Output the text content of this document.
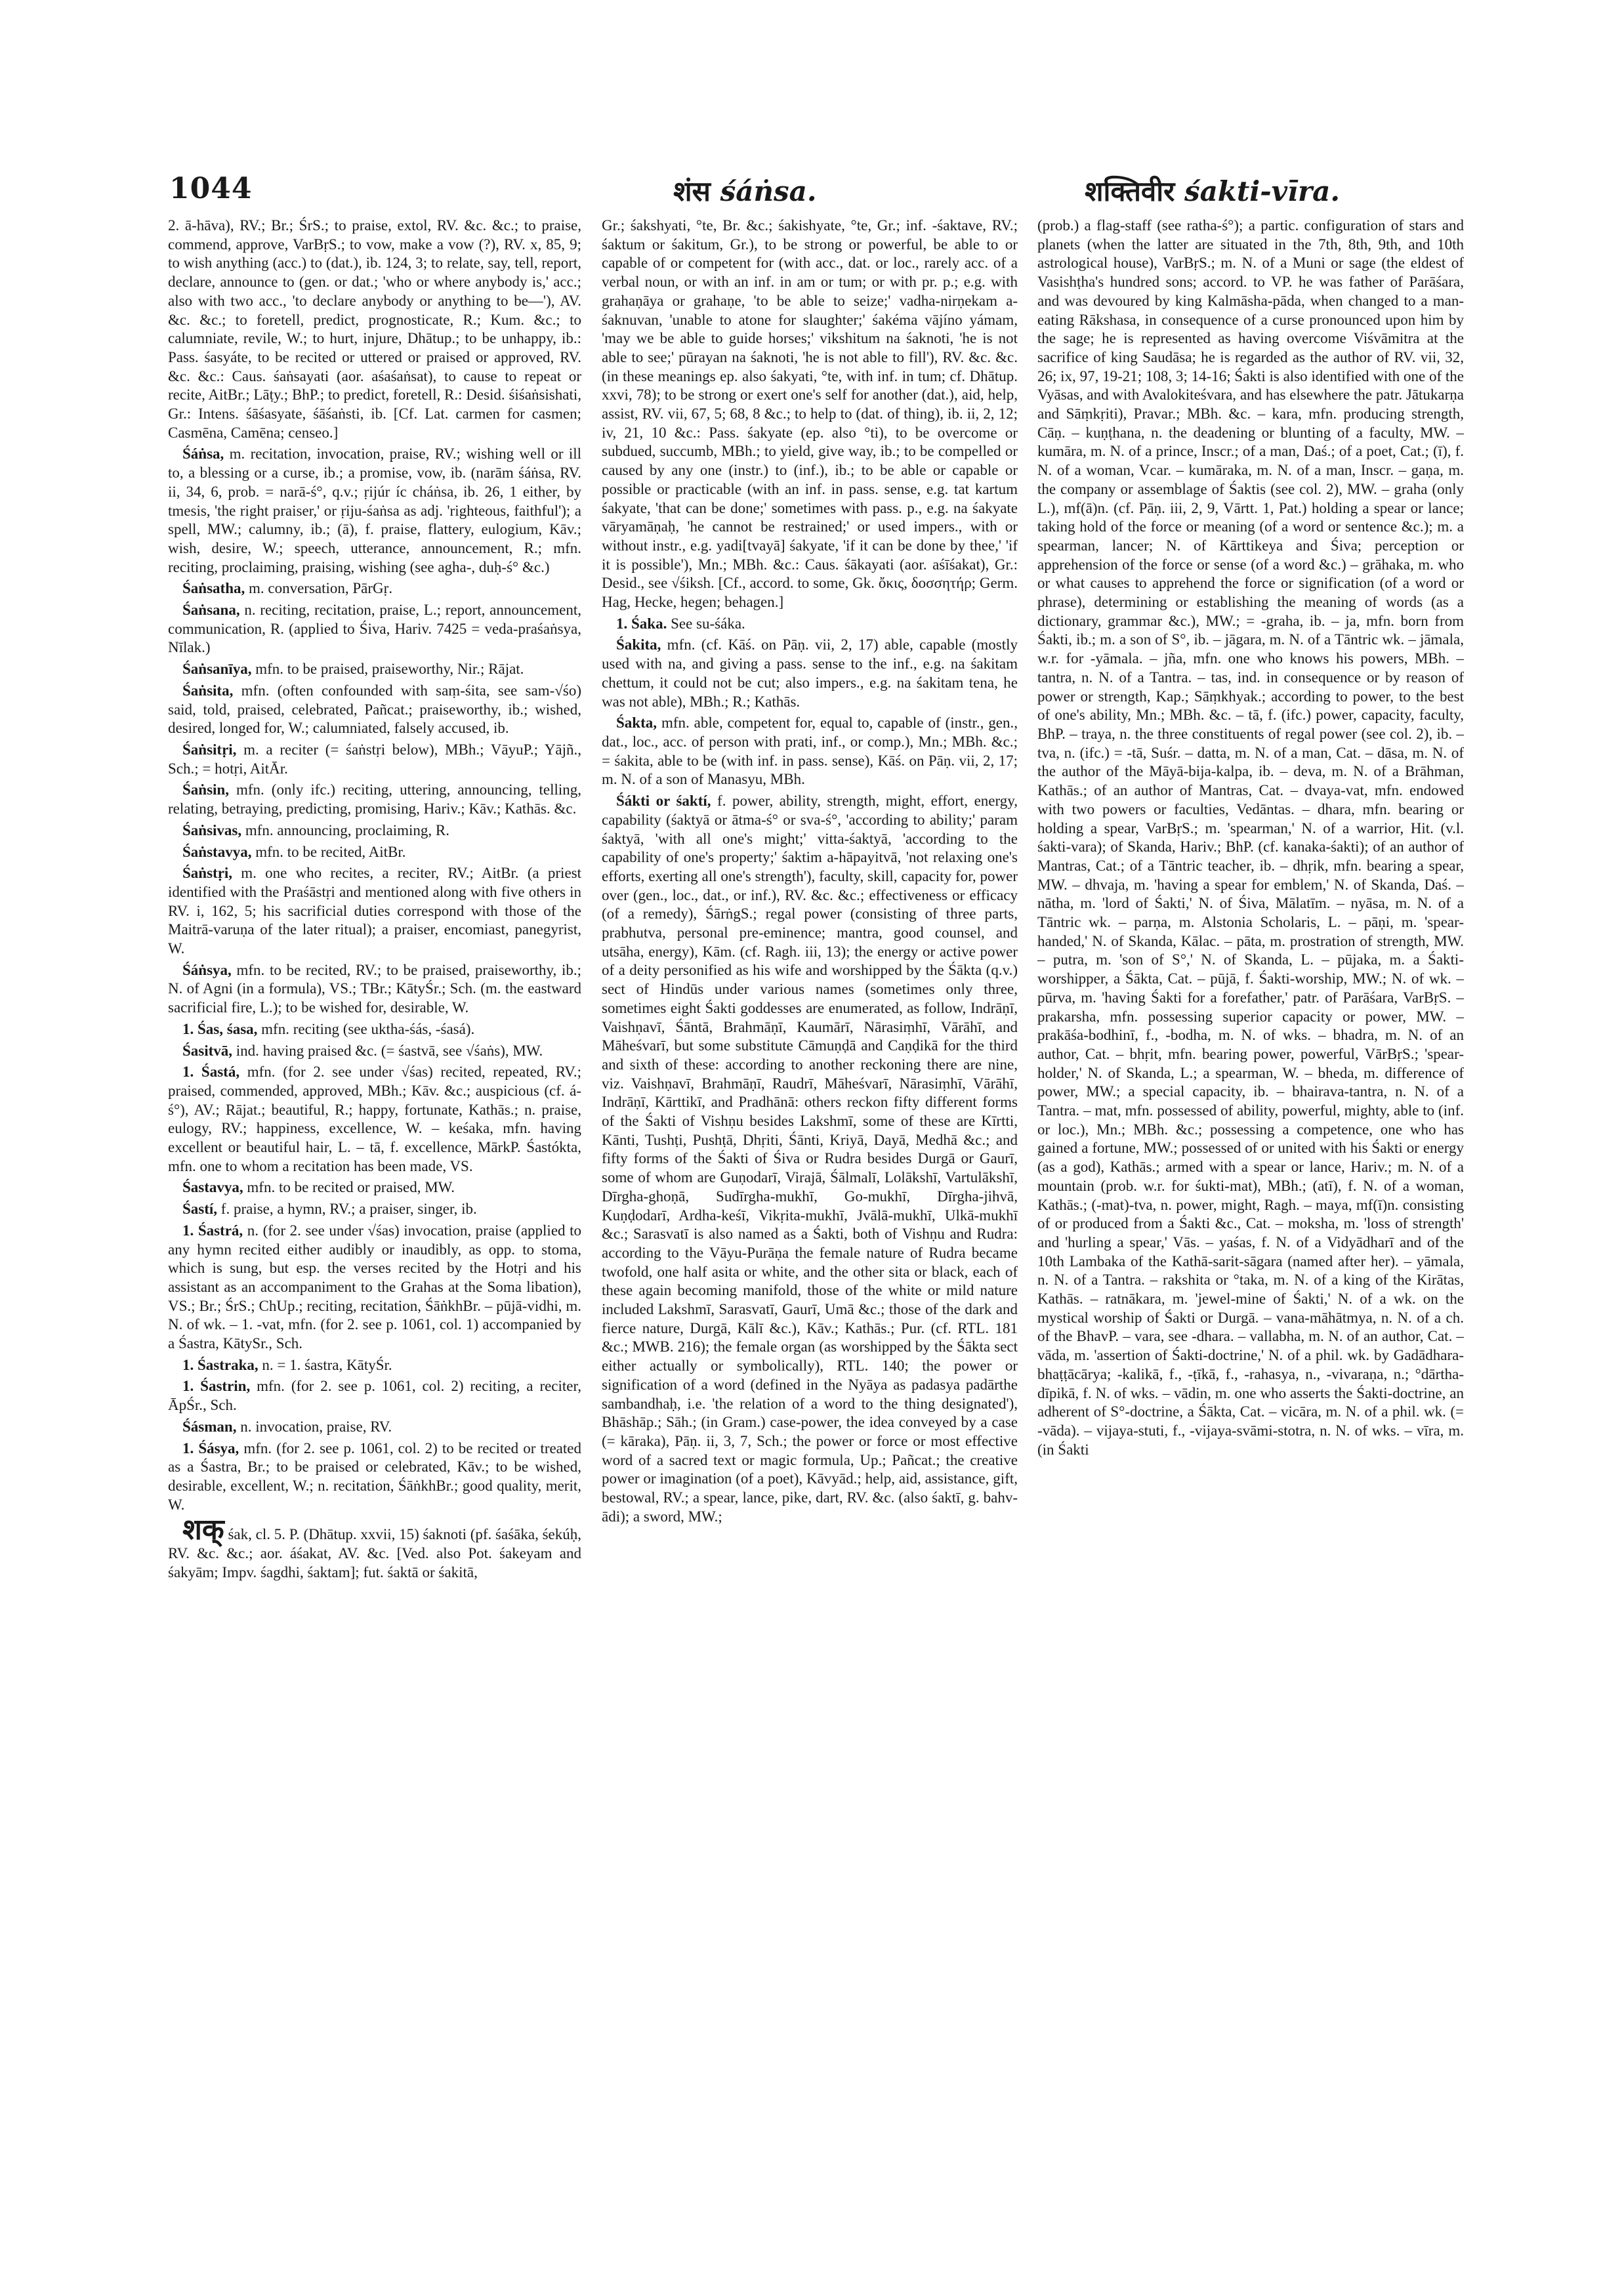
1044	शंस śáṅsa.	शक्तिवीर śakti-vīra.

2. ā-hāva), RV.; Br.; ŚrS.; to praise, extol, RV. &c. &c.; to praise, commend, approve, VarBṛS.; to vow, make a vow (?), RV. x, 85, 9; to wish anything (acc.) to (dat.), ib. 124, 3; to relate, say, tell, report, declare, announce to (gen. or dat.; 'who or where anybody is,' acc.; also with two acc., 'to declare anybody or anything to be—'), AV. &c. &c.; to foretell, predict, prognosticate, R.; Kum. &c.; to calumniate, revile, W.; to hurt, injure, Dhātup.; to be unhappy, ib.: Pass. śasyáte, to be recited or uttered or praised or approved, RV. &c. &c.: Caus. śaṅsayati (aor. aśaśaṅsat), to cause to repeat or recite, AitBr.; Lāṭy.; BhP.; to predict, foretell, R.: Desid. śiśaṅsishati, Gr.: Intens. śāśasyate, śāśaṅsti, ib. [Cf. Lat. carmen for casmen; Casmēna, Camēna; censeo.]

Śáṅsa, m. recitation, invocation, praise, RV.; wishing well or ill to, a blessing or a curse, ib.; a promise, vow, ib. (narām śáṅsa, RV. ii, 34, 6, prob. = narā-ś°, q.v.; ṛijúr íc cháṅsa, ib. 26, 1 either, by tmesis, 'the right praiser,' or ṛiju-śaṅsa as adj. 'righteous, faithful'); a spell, MW.; calumny, ib.; (ā), f. praise, flattery, eulogium, Kāv.; wish, desire, W.; speech, utterance, announcement, R.; mfn. reciting, proclaiming, praising, wishing (see agha-, duḥ-ś° &c.)

Śaṅsatha, m. conversation, PārGṛ.

Śaṅsana, n. reciting, recitation, praise, L.; report, announcement, communication, R. (applied to Śiva, Hariv. 7425 = veda-praśaṅsya, Nīlak.)

Śaṅsanīya, mfn. to be praised, praiseworthy, Nir.; Rājat.

Śaṅsita, mfn. (often confounded with saṃ-śita, see sam-√śo) said, told, praised, celebrated, Pañcat.; praiseworthy, ib.; wished, desired, longed for, W.; calumniated, falsely accused, ib.

Śaṅsitṛi, m. a reciter (= śaṅstṛi below), MBh.; VāyuP.; Yājñ., Sch.; = hotṛi, AitĀr.

Śaṅsin, mfn. (only ifc.) reciting, uttering, announcing, telling, relating, betraying, predicting, promising, Hariv.; Kāv.; Kathās. &c.

Śaṅsivas, mfn. announcing, proclaiming, R.

Śaṅstavya, mfn. to be recited, AitBr.

Śaṅstṛi, m. one who recites, a reciter, RV.; AitBr. (a priest identified with the Praśāstṛi and mentioned along with five others in RV. i, 162, 5; his sacrificial duties correspond with those of the Maitrā-varuṇa of the later ritual); a praiser, encomiast, panegyrist, W.

Śáṅsya, mfn. to be recited, RV.; to be praised, praiseworthy, ib.; N. of Agni (in a formula), VS.; TBr.; KātyŚr.; Sch. (m. the eastward sacrificial fire, L.); to be wished for, desirable, W.

1. Śas, śasa, mfn. reciting (see uktha-śás, -śasá).

Śasitvā, ind. having praised &c. (= śastvā, see √śaṅs), MW.

1. Śastá, mfn. (for 2. see under √śas) recited, repeated, RV.; praised, commended, approved, MBh.; Kāv. &c.; auspicious (cf. á-ś°), AV.; Rājat.; beautiful, R.; happy, fortunate, Kathās.; n. praise, eulogy, RV.; happiness, excellence, W. – keśaka, mfn. having excellent or beautiful hair, L. – tā, f. excellence, MārkP. Śastókta, mfn. one to whom a recitation has been made, VS.

Śastavya, mfn. to be recited or praised, MW.

Śastí, f. praise, a hymn, RV.; a praiser, singer, ib.

1. Śastrá, n. (for 2. see under √śas) invocation, praise (applied to any hymn recited either audibly or inaudibly, as opp. to stoma, which is sung, but esp. the verses recited by the Hotṛi and his assistant as an accompaniment to the Grahas at the Soma libation), VS.; Br.; ŚrS.; ChUp.; reciting, recitation, ŚāṅkhBr. – pūjā-vidhi, m. N. of wk. – 1. -vat, mfn. (for 2. see p. 1061, col. 1) accompanied by a Śastra, KātySr., Sch.

1. Śastraka, n. = 1. śastra, KātyŚr.

1. Śastrin, mfn. (for 2. see p. 1061, col. 2) reciting, a reciter, ĀpŚr., Sch.

Śásman, n. invocation, praise, RV.

1. Śásya, mfn. (for 2. see p. 1061, col. 2) to be recited or treated as a Śastra, Br.; to be praised or celebrated, Kāv.; to be wished, desirable, excellent, W.; n. recitation, ŚāṅkhBr.; good quality, merit, W.

शक् śak, cl. 5. P. (Dhātup. xxvii, 15) śaknoti (pf. śaśāka, śekúḥ, RV. &c. &c.; aor. áśakat, AV. &c. [Ved. also Pot. śakeyam and śakyām; Impv. śagdhi, śaktam]; fut. śaktā or śakitā,

Gr.; śakshyati, °te, Br. &c.; śakishyate, °te, Gr.; inf. -śaktave, RV.; śaktum or śakitum, Gr.), to be strong or powerful, be able to or capable of or competent for (with acc., dat. or loc., rarely acc. of a verbal noun, or with an inf. in am or tum; or with pr. p.; e.g. with grahaṇāya or grahaṇe, 'to be able to seize;' vadha-nirṇekam a-śaknuvan, 'unable to atone for slaughter;' śakéma vājíno yámam, 'may we be able to guide horses;' vikshitum na śaknoti, 'he is not able to see;' pūrayan na śaknoti, 'he is not able to fill'), RV. &c. &c. (in these meanings ep. also śakyati, °te, with inf. in tum; cf. Dhātup. xxvi, 78); to be strong or exert one's self for another (dat.), aid, help, assist, RV. vii, 67, 5; 68, 8 &c.; to help to (dat. of thing), ib. ii, 2, 12; iv, 21, 10 &c.: Pass. śakyate (ep. also °ti), to be overcome or subdued, succumb, MBh.; to yield, give way, ib.; to be compelled or caused by any one (instr.) to (inf.), ib.; to be able or capable or possible or practicable (with an inf. in pass. sense, e.g. tat kartum śakyate, 'that can be done;' sometimes with pass. p., e.g. na śakyate vāryamāṇaḥ, 'he cannot be restrained;' or used impers., with or without instr., e.g. yadi[tvayā] śakyate, 'if it can be done by thee,' 'if it is possible'), Mn.; MBh. &c.: Caus. śākayati (aor. aśīśakat), Gr.: Desid., see √śiksh. [Cf., accord. to some, Gk. ὄκις, δοσσητήρ; Germ. Hag, Hecke, hegen; behagen.]

1. Śaka. See su-śáka.

Śakita, mfn. (cf. Kāś. on Pāṇ. vii, 2, 17) able, capable (mostly used with na, and giving a pass. sense to the inf., e.g. na śakitam chettum, it could not be cut; also impers., e.g. na śakitam tena, he was not able), MBh.; R.; Kathās.

Śakta, mfn. able, competent for, equal to, capable of (instr., gen., dat., loc., acc. of person with prati, inf., or comp.), Mn.; MBh. &c.; = śakita, able to be (with inf. in pass. sense), Kāś. on Pāṇ. vii, 2, 17; m. N. of a son of Manasyu, MBh.

Śákti or śaktí, f. power, ability, strength, might, effort, energy, capability (śaktyā or ātma-ś° or sva-ś°, 'according to ability;' param śaktyā, 'with all one's might;' vitta-śaktyā, 'according to the capability of one's property;' śaktim a-hāpayitvā, 'not relaxing one's efforts, exerting all one's strength'), faculty, skill, capacity for, power over (gen., loc., dat., or inf.), RV. &c. &c.; effectiveness or efficacy (of a remedy), ŚārṅgS.; regal power (consisting of three parts, prabhutva, personal pre-eminence; mantra, good counsel, and utsāha, energy), Kām. (cf. Ragh. iii, 13); the energy or active power of a deity personified as his wife and worshipped by the Śākta (q.v.) sect of Hindūs under various names (sometimes only three, sometimes eight Śakti goddesses are enumerated, as follow, Indrāṇī, Vaishṇavī, Śāntā, Brahmāṇī, Kaumārī, Nārasiṃhī, Vārāhī, and Māheśvarī, but some substitute Cāmuṇḍā and Caṇḍikā for the third and sixth of these: according to another reckoning there are nine, viz. Vaishṇavī, Brahmāṇī, Raudrī, Māheśvarī, Nārasiṃhī, Vārāhī, Indrāṇī, Kārttikī, and Pradhānā: others reckon fifty different forms of the Śakti of Vishṇu besides Lakshmī, some of these are Kīrtti, Kānti, Tushṭi, Pushṭā, Dhṛiti, Śānti, Kriyā, Dayā, Medhā &c.; and fifty forms of the Śakti of Śiva or Rudra besides Durgā or Gaurī, some of whom are Guṇodarī, Virajā, Śālmalī, Lolākshī, Vartulākshī, Dīrgha-ghoṇā, Sudīrgha-mukhī, Go-mukhī, Dīrgha-jihvā, Kuṇḍodarī, Ardha-keśī, Vikṛita-mukhī, Jvālā-mukhī, Ulkā-mukhī &c.; Sarasvatī is also named as a Śakti, both of Vishṇu and Rudra: according to the Vāyu-Purāṇa the female nature of Rudra became twofold, one half asita or white, and the other sita or black, each of these again becoming manifold, those of the white or mild nature included Lakshmī, Sarasvatī, Gaurī, Umā &c.; those of the dark and fierce nature, Durgā, Kālī &c.), Kāv.; Kathās.; Pur. (cf. RTL. 181 &c.; MWB. 216); the female organ (as worshipped by the Śākta sect either actually or symbolically), RTL. 140; the power or signification of a word (defined in the Nyāya as padasya padārthe sambandhaḥ, i.e. 'the relation of a word to the thing designated'), Bhāshāp.; Sāh.; (in Gram.) case-power, the idea conveyed by a case (= kāraka), Pāṇ. ii, 3, 7, Sch.; the power or force or most effective word of a sacred text or magic formula, Up.; Pañcat.; the creative power or imagination (of a poet), Kāvyād.; help, aid, assistance, gift, bestowal, RV.; a spear, lance, pike, dart, RV. &c. (also śaktī, g. bahv-ādi); a sword, MW.;

(prob.) a flag-staff (see ratha-ś°); a partic. configuration of stars and planets (when the latter are situated in the 7th, 8th, 9th, and 10th astrological house), VarBṛS.; m. N. of a Muni or sage (the eldest of Vasishṭha's hundred sons; accord. to VP. he was father of Parāśara, and was devoured by king Kalmāsha-pāda, when changed to a man-eating Rākshasa, in consequence of a curse pronounced upon him by the sage; he is represented as having overcome Viśvāmitra at the sacrifice of king Saudāsa; he is regarded as the author of RV. vii, 32, 26; ix, 97, 19-21; 108, 3; 14-16; Śakti is also identified with one of the Vyāsas, and with Avalokiteśvara, and has elsewhere the patr. Jātukarṇa and Sāṃkṛiti), Pravar.; MBh. &c. – kara, mfn. producing strength, Cāṇ. – kuṇṭhana, n. the deadening or blunting of a faculty, MW. – kumāra, m. N. of a prince, Inscr.; of a man, Daś.; of a poet, Cat.; (ī), f. N. of a woman, Vcar. – kumāraka, m. N. of a man, Inscr. – gaṇa, m. the company or assemblage of Śaktis (see col. 2), MW. – graha (only L.), mf(ā)n. (cf. Pāṇ. iii, 2, 9, Vārtt. 1, Pat.) holding a spear or lance; taking hold of the force or meaning (of a word or sentence &c.); m. a spearman, lancer; N. of Kārttikeya and Śiva; perception or apprehension of the force or sense (of a word &c.) – grāhaka, m. who or what causes to apprehend the force or signification (of a word or phrase), determining or establishing the meaning of words (as a dictionary, grammar &c.), MW.; = -graha, ib. – ja, mfn. born from Śakti, ib.; m. a son of S°, ib. – jāgara, m. N. of a Tāntric wk. – jāmala, w.r. for -yāmala. – jña, mfn. one who knows his powers, MBh. – tantra, n. N. of a Tantra. – tas, ind. in consequence or by reason of power or strength, Kap.; Sāṃkhyak.; according to power, to the best of one's ability, Mn.; MBh. &c. – tā, f. (ifc.) power, capacity, faculty, BhP. – traya, n. the three constituents of regal power (see col. 2), ib. – tva, n. (ifc.) = -tā, Suśr. – datta, m. N. of a man, Cat. – dāsa, m. N. of the author of the Māyā-bija-kalpa, ib. – deva, m. N. of a Brāhman, Kathās.; of an author of Mantras, Cat. – dvaya-vat, mfn. endowed with two powers or faculties, Vedāntas. – dhara, mfn. bearing or holding a spear, VarBṛS.; m. 'spearman,' N. of a warrior, Hit. (v.l. śakti-vara); of Skanda, Hariv.; BhP. (cf. kanaka-śakti); of an author of Mantras, Cat.; of a Tāntric teacher, ib. – dhṛik, mfn. bearing a spear, MW. – dhvaja, m. 'having a spear for emblem,' N. of Skanda, Daś. – nātha, m. 'lord of Śakti,' N. of Śiva, Mālatīm. – nyāsa, m. N. of a Tāntric wk. – parṇa, m. Alstonia Scholaris, L. – pāṇi, m. 'spear-handed,' N. of Skanda, Kālac. – pāta, m. prostration of strength, MW. – putra, m. 'son of S°,' N. of Skanda, L. – pūjaka, m. a Śakti-worshipper, a Śākta, Cat. – pūjā, f. Śakti-worship, MW.; N. of wk. – pūrva, m. 'having Śakti for a forefather,' patr. of Parāśara, VarBṛS. – prakarsha, mfn. possessing superior capacity or power, MW. – prakāśa-bodhinī, f., -bodha, m. N. of wks. – bhadra, m. N. of an author, Cat. – bhṛit, mfn. bearing power, powerful, VārBṛS.; 'spear-holder,' N. of Skanda, L.; a spearman, W. – bheda, m. difference of power, MW.; a special capacity, ib. – bhairava-tantra, n. N. of a Tantra. – mat, mfn. possessed of ability, powerful, mighty, able to (inf. or loc.), Mn.; MBh. &c.; possessing a competence, one who has gained a fortune, MW.; possessed of or united with his Śakti or energy (as a god), Kathās.; armed with a spear or lance, Hariv.; m. N. of a mountain (prob. w.r. for śukti-mat), MBh.; (atī), f. N. of a woman, Kathās.; (-mat)-tva, n. power, might, Ragh. – maya, mf(ī)n. consisting of or produced from a Śakti &c., Cat. – moksha, m. 'loss of strength' and 'hurling a spear,' Vās. – yaśas, f. N. of a Vidyādharī and of the 10th Lambaka of the Kathā-sarit-sāgara (named after her). – yāmala, n. N. of a Tantra. – rakshita or °taka, m. N. of a king of the Kirātas, Kathās. – ratnākara, m. 'jewel-mine of Śakti,' N. of a wk. on the mystical worship of Śakti or Durgā. – vana-māhātmya, n. N. of a ch. of the BhavP. – vara, see -dhara. – vallabha, m. N. of an author, Cat. – vāda, m. 'assertion of Śakti-doctrine,' N. of a phil. wk. by Gadādhara-bhaṭṭācārya; -kalikā, f., -ṭīkā, f., -rahasya, n., -vivaraṇa, n.; °dārtha-dīpikā, f. N. of wks. – vādin, m. one who asserts the Śakti-doctrine, an adherent of S°-doctrine, a Śākta, Cat. – vicāra, m. N. of a phil. wk. (= -vāda). – vijaya-stuti, f., -vijaya-svāmi-stotra, n. N. of wks. – vīra, m. (in Śakti
